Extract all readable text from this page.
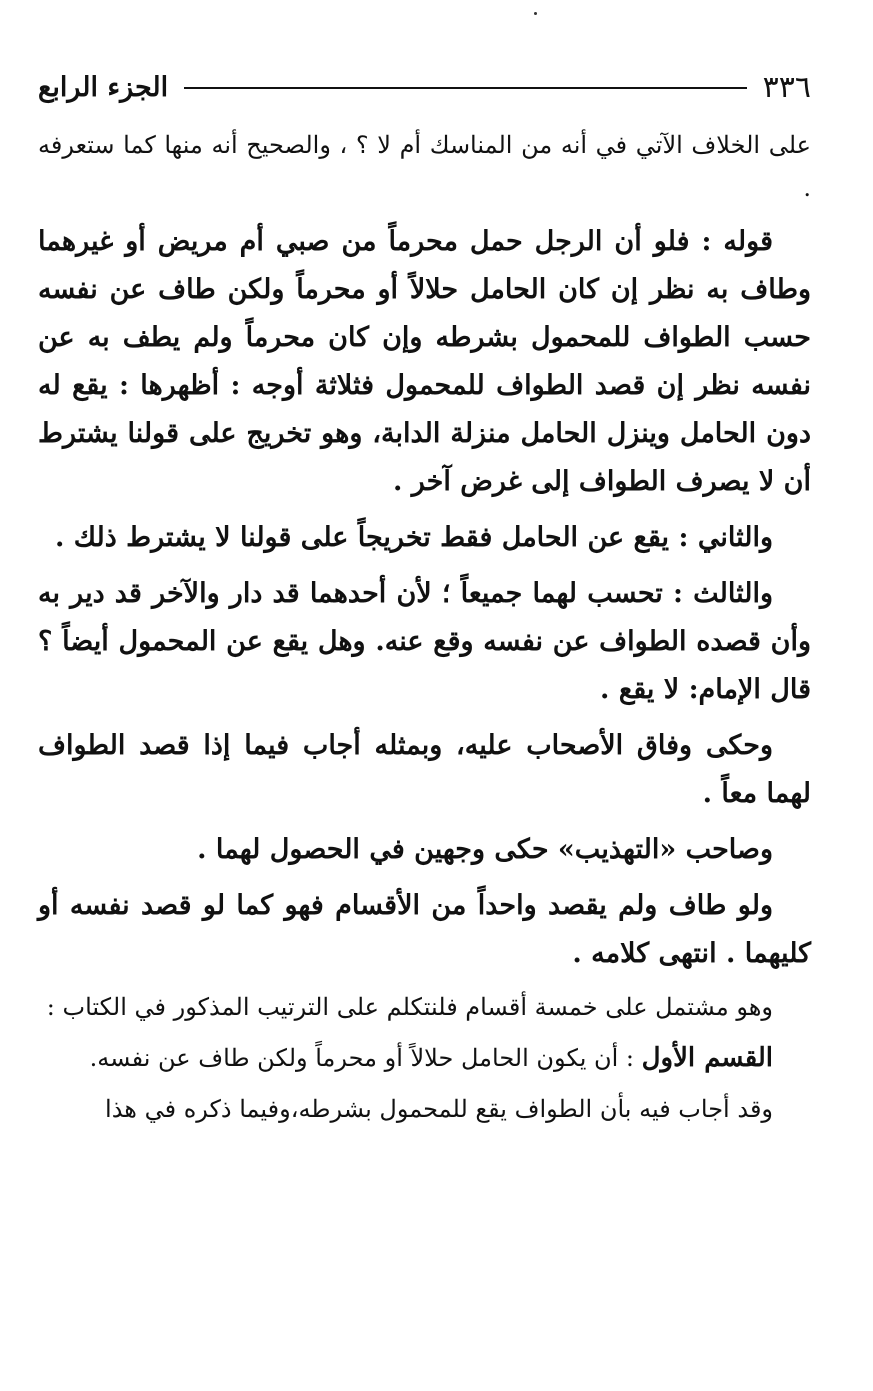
٣٣٦
الجزء الرابع

على الخلاف الآتي في أنه من المناسك أم لا ؟ ، والصحيح أنه منها كما ستعرفه .

قوله : فلو أن الرجل حمل محرماً من صبي أم مريض أو غيرهما وطاف به نظر إن كان الحامل حلالاً أو محرماً ولكن طاف عن نفسه حسب الطواف للمحمول بشرطه وإن كان محرماً ولم يطف به عن نفسه نظر إن قصد الطواف للمحمول فثلاثة أوجه : أظهرها : يقع له دون الحامل وينزل الحامل منزلة الدابة، وهو تخريج على قولنا يشترط أن لا يصرف الطواف إلى غرض آخر .

والثاني : يقع عن الحامل فقط تخريجاً على قولنا لا يشترط ذلك .

والثالث : تحسب لهما جميعاً ؛ لأن أحدهما قد دار والآخر قد دير به وأن قصده الطواف عن نفسه وقع عنه. وهل يقع عن المحمول أيضاً ؟ قال الإمام: لا يقع .

وحكى وفاق الأصحاب عليه، وبمثله أجاب فيما إذا قصد الطواف لهما معاً .

وصاحب «التهذيب» حكى وجهين في الحصول لهما .

ولو طاف ولم يقصد واحداً من الأقسام فهو كما لو قصد نفسه أو كليهما . انتهى كلامه .

وهو مشتمل على خمسة أقسام فلنتكلم على الترتيب المذكور في الكتاب :

القسم الأول : أن يكون الحامل حلالاً أو محرماً ولكن طاف عن نفسه.

وقد أجاب فيه بأن الطواف يقع للمحمول بشرطه،وفيما ذكره في هذا
